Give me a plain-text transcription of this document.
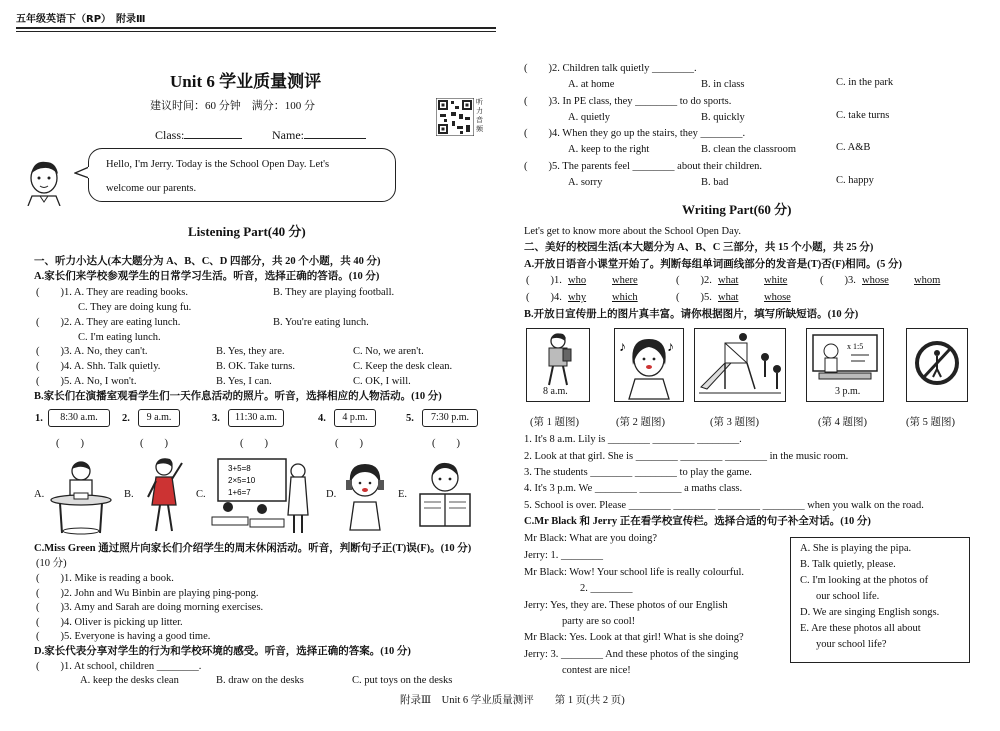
五年级英语下（RP）　 附录Ⅲ
Unit 6 学业质量测评
建议时间：60 分钟　满分：100 分
Class:	Name:
听力音频
Hello, I'm Jerry. Today is the School Open Day. Let's
welcome our parents.
Listening Part(40 分)
一、听力小达人(本大题分为 A、B、C、D 四部分，共 20 个小题，共 40 分)
A.家长们来学校参观学生的日常学习生活。听音，选择正确的答语。(10 分)
(　　)1. A. They are reading books.	B. They are playing football.
C. They are doing kung fu.
(　　)2. A. They are eating lunch.	B. You're eating lunch.
C. I'm eating lunch.
(　　)3. A. No, they can't.	B. Yes, they are.	C. No, we aren't.
(　　)4. A. Shh. Talk quietly.	B. OK. Take turns.	C. Keep the desk clean.
(　　)5. A. No, I won't.	B. Yes, I can.	C. OK, I will.
B.家长们在演播室观看学生们一天作息活动的照片。听音，选择相应的人物活动。(10 分)
1.	8:30 a.m.	2.	9 a.m.	3.	11:30 a.m.	4.	4 p.m.	5.	7:30 p.m.
(　　)	(　　)	(　　)	(　　)	(　　)
A.	B.	C.	D.	E.
3+5=8
2×5=10
1+6=7
C.Miss Green 通过照片向家长们介绍学生的周末休闲活动。听音，判断句子正(T)误(F)。(10 分)
(10 分)
(　　)1. Mike is reading a book.
(　　)2. John and Wu Binbin are playing ping-pong.
(　　)3. Amy and Sarah are doing morning exercises.
(　　)4. Oliver is picking up litter.
(　　)5. Everyone is having a good time.
D.家长代表分享对学生的行为和学校环境的感受。听音，选择正确的答案。(10 分)
(　　)1. At school, children ________.
A. keep the desks clean	B. draw on the desks	C. put toys on the desks
(　　)2. Children talk quietly ________.
A. at home	B. in class	C. in the park
(　　)3. In PE class, they ________ to do sports.
A. quietly	B. quickly	C. take turns
(　　)4. When they go up the stairs, they ________.
A. keep to the right	B. clean the classroom	C. A&B
(　　)5. The parents feel ________ about their children.
A. sorry	B. bad	C. happy
Writing Part(60 分)
Let's get to know more about the School Open Day.
二、美好的校园生活(本大题分为 A、B、C 三部分，共 15 个小题，共 25 分)
A.开放日语音小课堂开始了。判断每组单词画线部分的发音是(T)否(F)相同。(5 分)
(　　)1. who where	(　　)2. what white	(　　)3. whose whom
(　　)4. why which	(　　)5. what whose
B.开放日宣传册上的图片真丰富。请你根据图片，填写所缺短语。(10 分)
8 a.m.
♪	♪	x 1:5
3 p.m.
(第 1 题图)	(第 2 题图)	(第 3 题图)	(第 4 题图)	(第 5 题图)
1. It's 8 a.m. Lily is ________ ________ ________.
2. Look at that girl. She is ________ ________ ________ in the music room.
3. The students ________ ________ to play the game.
4. It's 3 p.m. We ________ ________ a maths class.
5. School is over. Please ________ ________ ________ ________ when you walk on the road.
C.Mr Black 和 Jerry 正在看学校宣传栏。选择合适的句子补全对话。(10 分)
Mr Black: What are you doing?
Jerry: 1. ________
Mr Black: Wow! Your school life is really colourful.
2. ________
Jerry: Yes, they are. These photos of our English
party are so cool!
Mr Black: Yes. Look at that girl! What is she doing?
Jerry: 3. ________ And these photos of the singing
contest are nice!
A. She is playing the pipa.
B. Talk quietly, please.
C. I'm looking at the photos of
our school life.
D. We are singing English songs.
E. Are these photos all about
your school life?
附录Ⅲ　Unit 6 学业质量测评　　第 1 页(共 2 页)
